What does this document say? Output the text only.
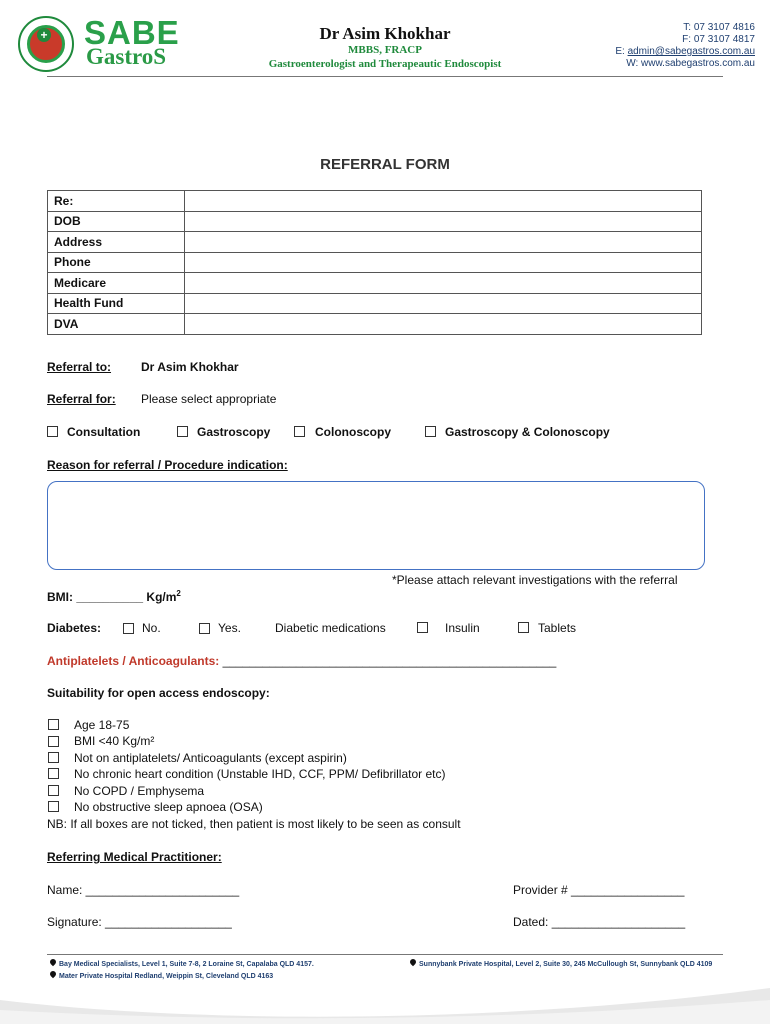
+ SABE
GastroS
Dr Asim Khokhar
MBBS, FRACP
Gastroenterologist and Therapeautic Endoscopist
T: 07 3107 4816
F: 07 3107 4817
E: admin@sabegastros.com.au
W: www.sabegastros.com.au
REFERRAL FORM
Re:	
DOB	
Address	
Phone	
Medicare	
Health Fund	
DVA	
Referral to: Dr Asim Khokhar
Referral for: Please select appropriate
Consultation	Gastroscopy	Colonoscopy	Gastroscopy & Colonoscopy
Reason for referral / Procedure indication:
*Please attach relevant investigations with the referral
BMI: __________ $Kg/m^2$
Diabetes:	No.	Yes.	Diabetic medications	Insulin	Tablets
Antiplatelets / Anticoagulants: __________________________________________________
Suitability for open access endoscopy:
Age 18-75
BMI <40 Kg/m²
Not on antiplatelets/ Anticoagulants (except aspirin)
No chronic heart condition (Unstable IHD, CCF, PPM/ Defibrillator etc)
No COPD / Emphysema
No obstructive sleep apnoea (OSA)
NB: If all boxes are not ticked, then patient is most likely to be seen as consult
Referring Medical Practitioner:
Name: _______________________	Provider # _________________
Signature: ___________________	Dated: ____________________
Bay Medical Specialists, Level 1, Suite 7-8, 2 Loraine St, Capalaba QLD 4157.	Sunnybank Private Hospital, Level 2, Suite 30, 245 McCullough St, Sunnybank QLD 4109
Mater Private Hospital Redland, Weippin St, Cleveland QLD 4163
